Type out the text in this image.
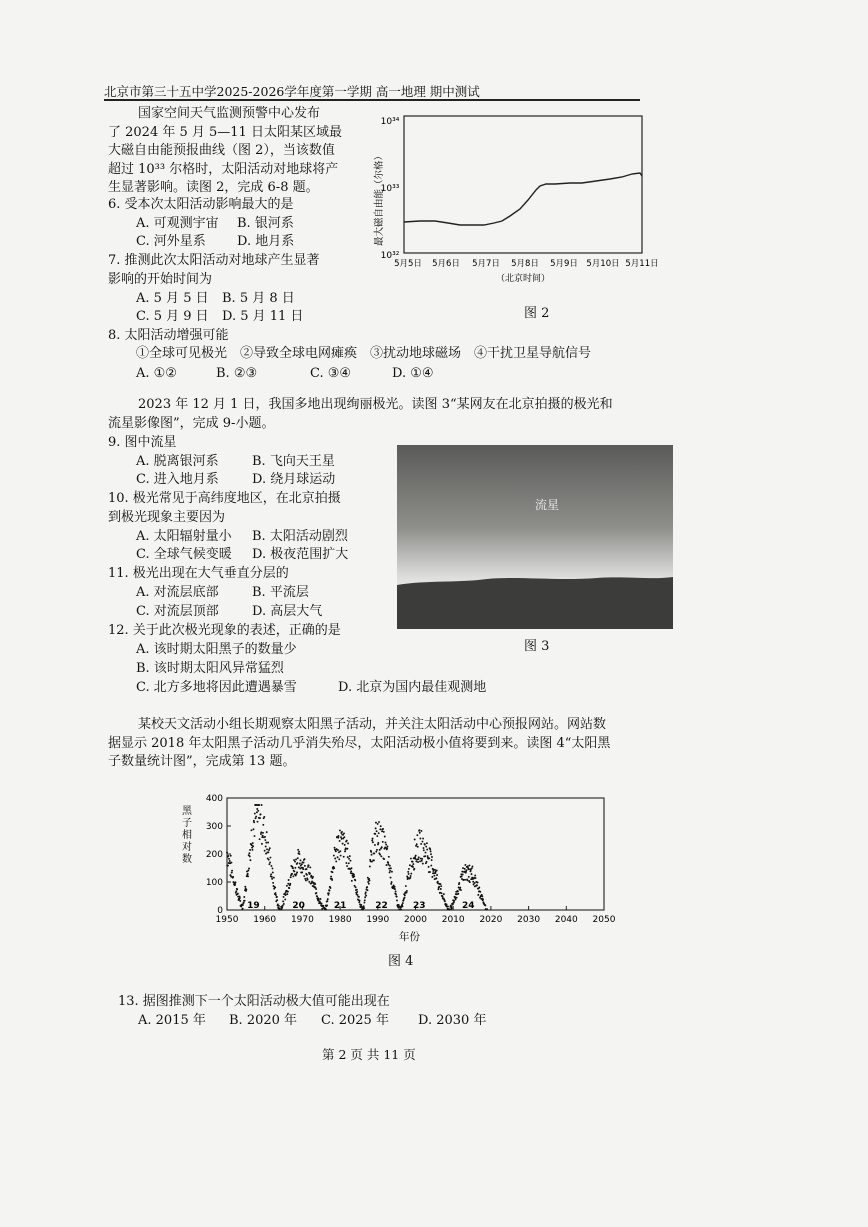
北京市第三十五中学2025-2026学年度第一学期 高一地理 期中测试
国家空间天气监测预警中心发布
了 2024 年 5 月 5—11 日太阳某区域最
大磁自由能预报曲线（图 2），当该数值
超过 10³³ 尔格时，太阳活动对地球将产
生显著影响。读图 2，完成 6-8 题。
6. 受本次太阳活动影响最大的是
A. 可观测宇宙 B. 银河系
C. 河外星系 D. 地月系
7. 推测此次太阳活动对地球产生显著
影响的开始时间为
A. 5 月 5 日 B. 5 月 8 日
C. 5 月 9 日 D. 5 月 11 日
10³⁴
10³³
10³²
最大磁自由能（尔格）
5月5日 5月6日 5月7日 5月8日 5月9日 5月10日 5月11日
（北京时间）
图 2
8. 太阳活动增强可能
①全球可见极光　②导致全球电网瘫痪　③扰动地球磁场　④干扰卫星导航信号
A. ①②	B. ②③	C. ③④	D. ①④
2023 年 12 月 1 日，我国多地出现绚丽极光。读图 3“某网友在北京拍摄的极光和
流星影像图”，完成 9-小题。
9. 图中流星
A. 脱离银河系	B. 飞向天王星
C. 进入地月系	D. 绕月球运动
10. 极光常见于高纬度地区，在北京拍摄
到极光现象主要因为
A. 太阳辐射量小 B. 太阳活动剧烈
C. 全球气候变暖 D. 极夜范围扩大
流星
图 3
11. 极光出现在大气垂直分层的
A. 对流层底部	B. 平流层
C. 对流层顶部	D. 高层大气
12. 关于此次极光现象的表述，正确的是
A. 该时期太阳黑子的数量少
B. 该时期太阳风异常猛烈
C. 北方多地将因此遭遇暴雪	D. 北京为国内最佳观测地
某校天文活动小组长期观察太阳黑子活动，并关注太阳活动中心预报网站。网站数
据显示 2018 年太阳黑子活动几乎消失殆尽，太阳活动极小值将要到来。读图 4“太阳黑
子数量统计图”，完成第 13 题。
0
100
200
300
400
1950 1960 1970 1980 1990 2000 2010 2020 2030 2040 2050
黑
子
相
对
数
年份
19	20	21	22	23	24
图 4
13. 据图推测下一个太阳活动极大值可能出现在
A. 2015 年 B. 2020 年 C. 2025 年 D. 2030 年
第 2 页 共 11 页
